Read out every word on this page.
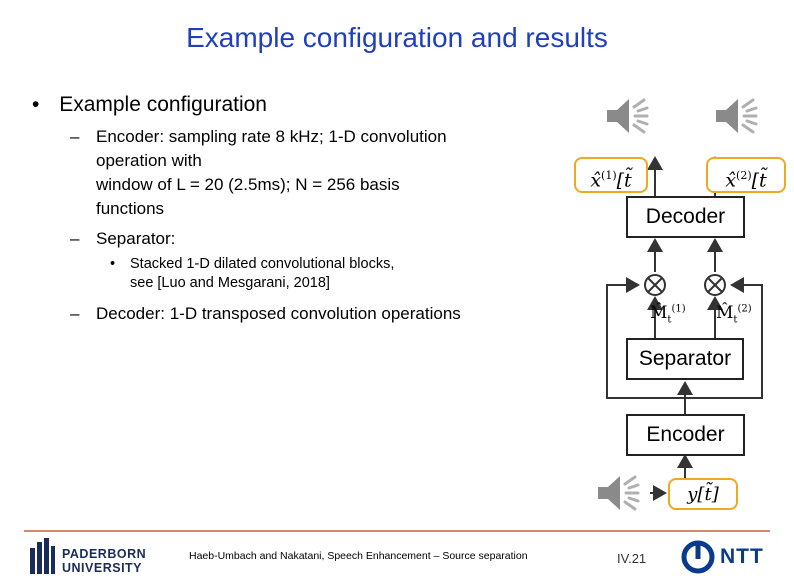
Example configuration and results
• Example configuration
– Encoder: sampling rate 8 kHz; 1-D convolution
operation with
window of L = 20 (2.5ms); N = 256 basis
functions
– Separator:
• Stacked 1-D dilated convolutional blocks,
see [Luo and Mesgarani, 2018]
– Decoder: 1-D transposed convolution operations
x̂$^{(1)}$[t̃	x̂$^{(2)}$[t̃
Decoder
$M̂_t^{(1)}$ $M̂_t^{(2)}$
Separator
Encoder
y[t̃]
PADERBORN
UNIVERSITY
Haeb-Umbach and Nakatani, Speech Enhancement – Source separation	IV.21	NTT
